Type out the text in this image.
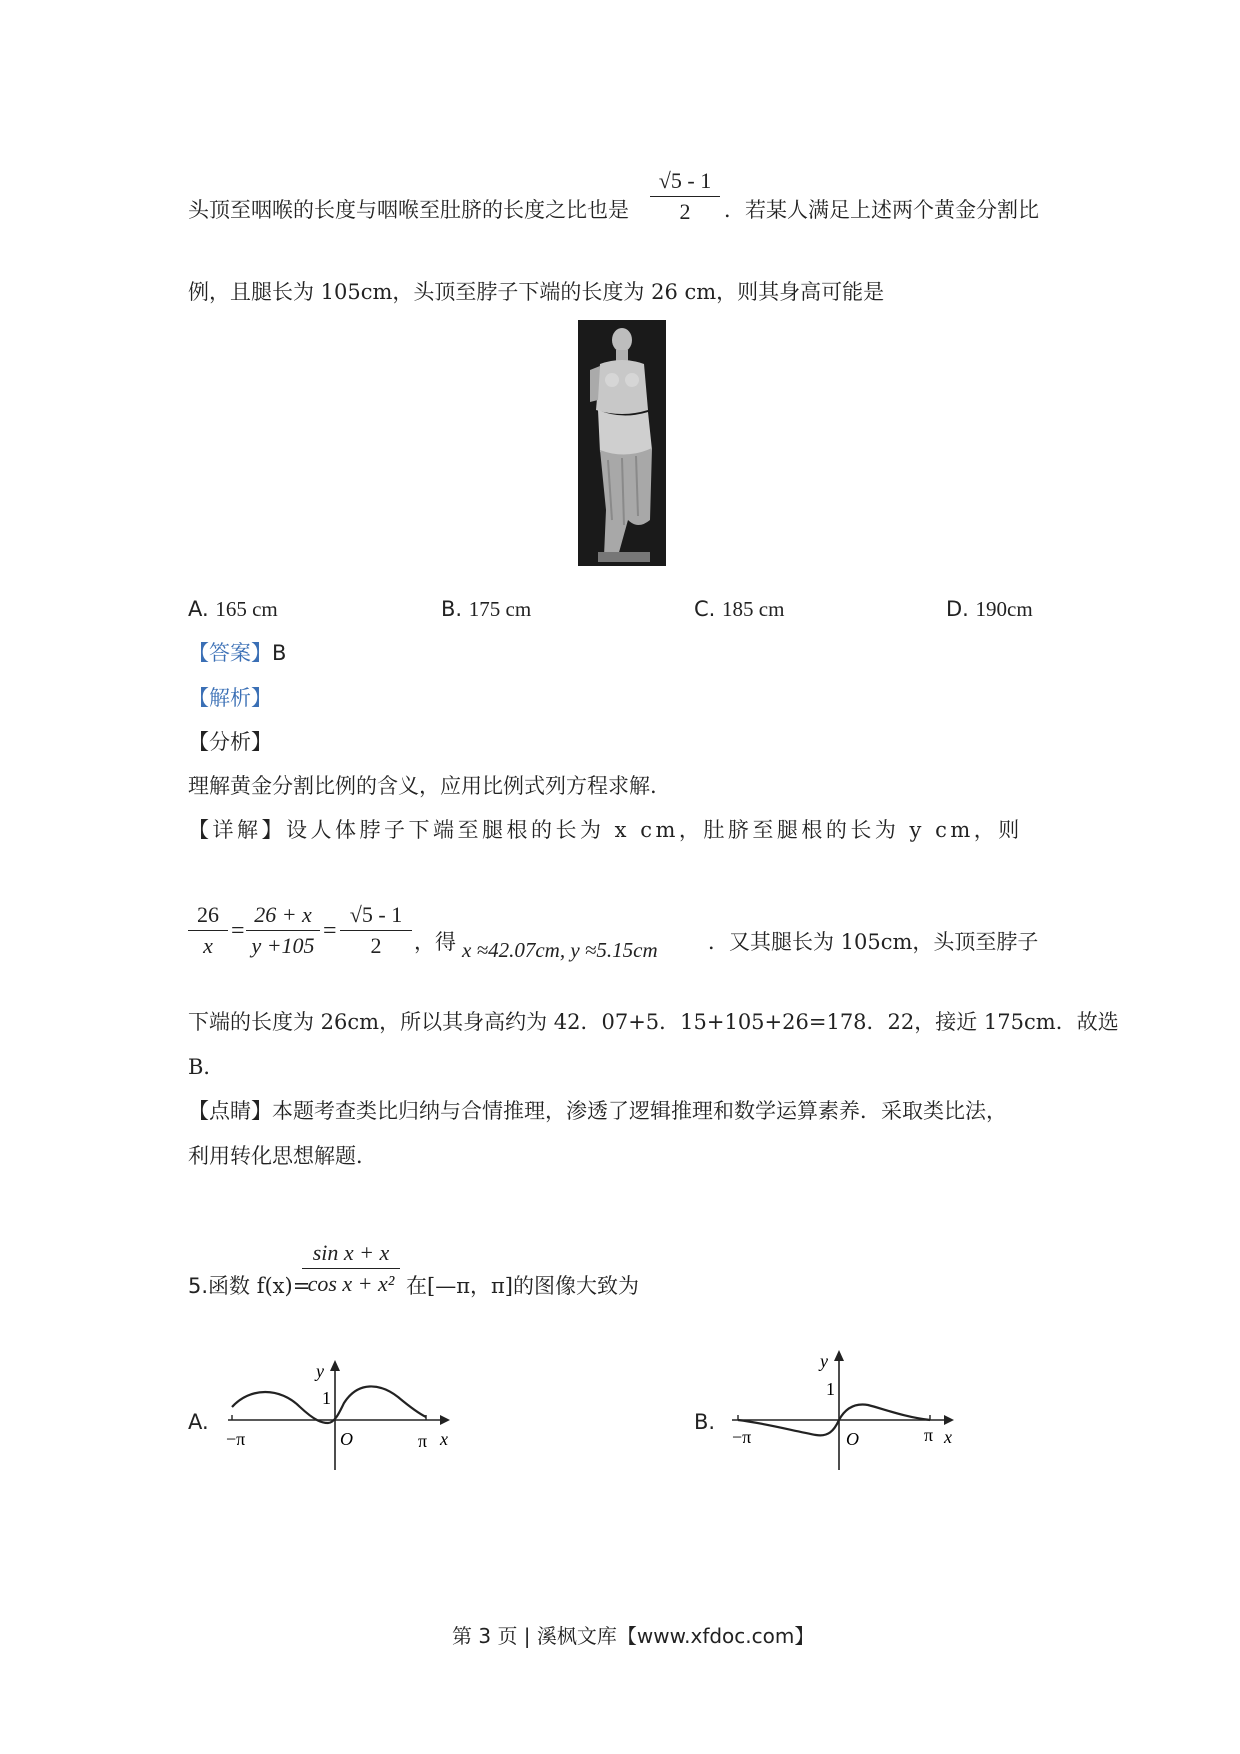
头顶至咽喉的长度与咽喉至肚脐的长度之比也是
√5 - 1
2	．若某人满足上述两个黄金分割比
例，且腿长为 105cm，头顶至脖子下端的长度为 26 cm，则其身高可能是
A. 165 cm	B. 175 cm	C. 185 cm	D. 190cm
【答案】B
【解析】
【分析】
理解黄金分割比例的含义，应用比例式列方程求解.
【详解】设人体脖子下端至腿根的长为 x cm，肚脐至腿根的长为 y cm，则
26
x
=
26 + x
y +105
=
√5 - 1
2	，得 x ≈42.07cm, y ≈5.15cm ．又其腿长为 105cm，头顶至脖子
下端的长度为 26cm，所以其身高约为 42．07+5．15+105+26=178．22，接近 175cm．故选
B．
【点睛】本题考查类比归纳与合情推理，渗透了逻辑推理和数学运算素养．采取类比法，
利用转化思想解题．
5.函数 f(x)=
sin x + x
cos x + x² 在[—π，π]的图像大致为
A.
y
1
−π	O	π x
B.
y
1
−π	O	π x
第 3 页 | 溪枫文库【www.xfdoc.com】
